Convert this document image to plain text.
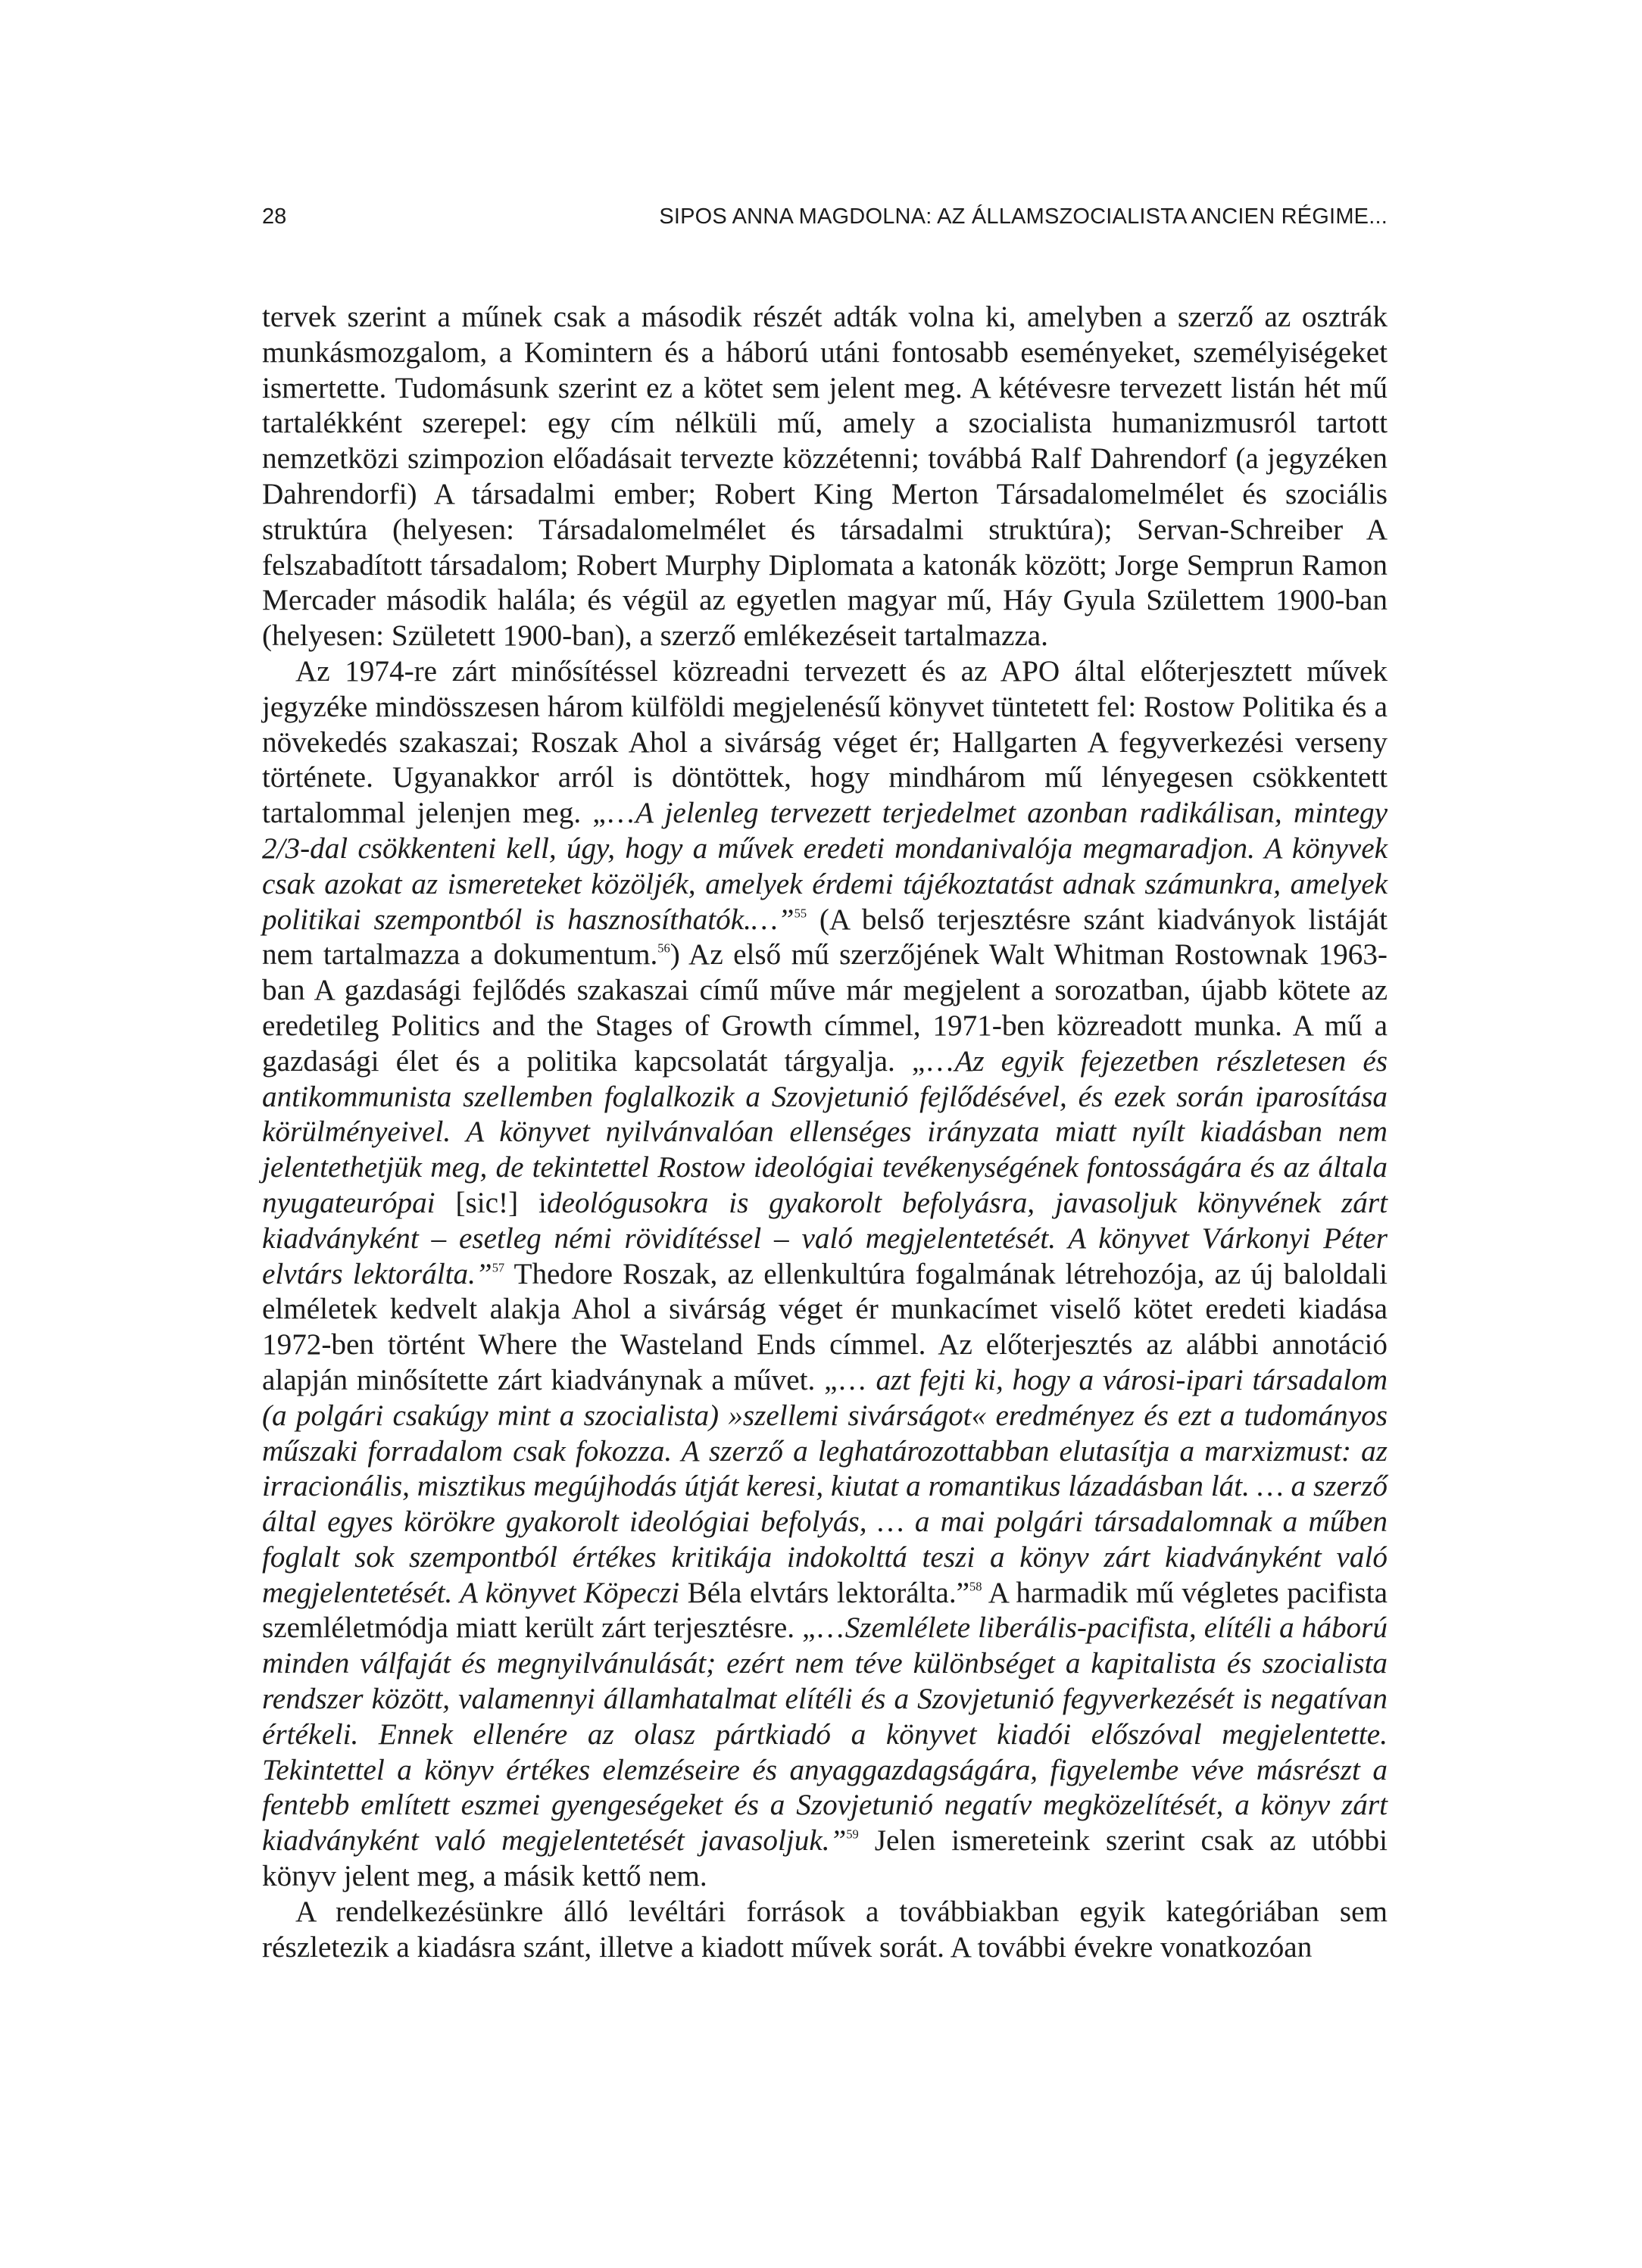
28	SIPOS ANNA MAGDOLNA: AZ ÁLLAMSZOCIALISTA ANCIEN RÉGIME...

tervek szerint a műnek csak a második részét adták volna ki, amelyben a szerző az osztrák munkásmozgalom, a Komintern és a háború utáni fontosabb eseményeket, személyiségeket ismertette. Tudomásunk szerint ez a kötet sem jelent meg. A kétévesre tervezett listán hét mű tartalékként szerepel: egy cím nélküli mű, amely a szocialista humanizmusról tartott nemzetközi szimpozion előadásait tervezte közzétenni; továbbá Ralf Dahrendorf (a jegyzéken Dahrendorfi) A társadalmi ember; Robert King Merton Társadalomelmélet és szociális struktúra (helyesen: Társadalomelmélet és társadalmi struktúra); Servan-Schreiber A felszabadított társadalom; Robert Murphy Diplomata a katonák között; Jorge Semprun Ramon Mercader második halála; és végül az egyetlen magyar mű, Háy Gyula Születtem 1900-ban (helyesen: Született 1900-ban), a szerző emlékezéseit tartalmazza.

Az 1974-re zárt minősítéssel közreadni tervezett és az APO által előterjesztett művek jegyzéke mindösszesen három külföldi megjelenésű könyvet tüntetett fel: Rostow Politika és a növekedés szakaszai; Roszak Ahol a sivárság véget ér; Hallgarten A fegyverkezési verseny története. Ugyanakkor arról is döntöttek, hogy mindhárom mű lényegesen csökkentett tartalommal jelenjen meg. „…A jelenleg tervezett terjedelmet azonban radikálisan, mintegy 2/3-dal csökkenteni kell, úgy, hogy a művek eredeti mondanivalója megmaradjon. A könyvek csak azokat az ismereteket közöljék, amelyek érdemi tájékoztatást adnak számunkra, amelyek politikai szempontból is hasznosíthatók.…”$^{55}$ (A belső terjesztésre szánt kiadványok listáját nem tartalmazza a dokumentum.$^{56}$) Az első mű szerzőjének Walt Whitman Rostownak 1963-ban A gazdasági fejlődés szakaszai című műve már megjelent a sorozatban, újabb kötete az eredetileg Politics and the Stages of Growth címmel, 1971-ben közreadott munka. A mű a gazdasági élet és a politika kapcsolatát tárgyalja. „…Az egyik fejezetben részletesen és antikommunista szellemben foglalkozik a Szovjetunió fejlődésével, és ezek során iparosítása körülményeivel. A könyvet nyilvánvalóan ellenséges irányzata miatt nyílt kiadásban nem jelentethetjük meg, de tekintettel Rostow ideológiai tevékenységének fontosságára és az általa nyugateurópai [sic!] ideológusokra is gyakorolt befolyásra, javasoljuk könyvének zárt kiadványként – esetleg némi rövidítéssel – való megjelentetését. A könyvet Várkonyi Péter elvtárs lektorálta.”$^{57}$ Thedore Roszak, az ellenkultúra fogalmának létrehozója, az új baloldali elméletek kedvelt alakja Ahol a sivárság véget ér munkacímet viselő kötet eredeti kiadása 1972-ben történt Where the Wasteland Ends címmel. Az előterjesztés az alábbi annotáció alapján minősítette zárt kiadványnak a művet. „… azt fejti ki, hogy a városi-ipari társadalom (a polgári csakúgy mint a szocialista) »szellemi sivárságot« eredményez és ezt a tudományos műszaki forradalom csak fokozza. A szerző a leghatározottabban elutasítja a marxizmust: az irracionális, misztikus megújhodás útját keresi, kiutat a romantikus lázadásban lát. … a szerző által egyes körökre gyakorolt ideológiai befolyás, … a mai polgári társadalomnak a műben foglalt sok szempontból értékes kritikája indokolttá teszi a könyv zárt kiadványként való megjelentetését. A könyvet Köpeczi Béla elvtárs lektorálta.”$^{58}$ A harmadik mű végletes pacifista szemléletmódja miatt került zárt terjesztésre. „…Szemlélete liberális-pacifista, elítéli a háború minden válfaját és megnyilvánulását; ezért nem téve különbséget a kapitalista és szocialista rendszer között, valamennyi államhatalmat elítéli és a Szovjetunió fegyverkezését is negatívan értékeli. Ennek ellenére az olasz pártkiadó a könyvet kiadói előszóval megjelentette. Tekintettel a könyv értékes elemzéseire és anyaggazdagságára, figyelembe véve másrészt a fentebb említett eszmei gyengeségeket és a Szovjetunió negatív megközelítését, a könyv zárt kiadványként való megjelentetését javasoljuk.”$^{59}$ Jelen ismereteink szerint csak az utóbbi könyv jelent meg, a másik kettő nem.

A rendelkezésünkre álló levéltári források a továbbiakban egyik kategóriában sem részletezik a kiadásra szánt, illetve a kiadott művek sorát. A további évekre vonatkozóan
